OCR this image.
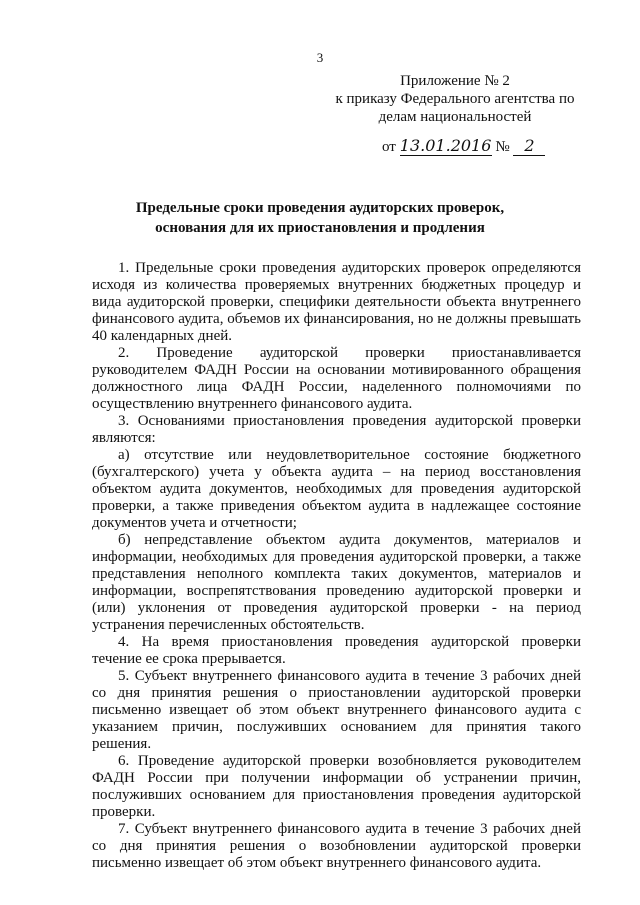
3
Приложение № 2
к приказу Федерального агентства по
делам национальностей
от 13.01.2016 № 2
Предельные сроки проведения аудиторских проверок,
основания для их приостановления и продления

1. Предельные сроки проведения аудиторских проверок определяются исходя из количества проверяемых внутренних бюджетных процедур и вида аудиторской проверки, специфики деятельности объекта внутреннего финансового аудита, объемов их финансирования, но не должны превышать 40 календарных дней.

2. Проведение аудиторской проверки приостанавливается руководителем ФАДН России на основании мотивированного обращения должностного лица ФАДН России, наделенного полномочиями по осуществлению внутреннего финансового аудита.

3. Основаниями приостановления проведения аудиторской проверки являются:

а) отсутствие или неудовлетворительное состояние бюджетного (бухгалтерского) учета у объекта аудита – на период восстановления объектом аудита документов, необходимых для проведения аудиторской проверки, а также приведения объектом аудита в надлежащее состояние документов учета и отчетности;

б) непредставление объектом аудита документов, материалов и информации, необходимых для проведения аудиторской проверки, а также представления неполного комплекта таких документов, материалов и информации, воспрепятствования проведению аудиторской проверки и (или) уклонения от проведения аудиторской проверки - на период устранения перечисленных обстоятельств.

4. На время приостановления проведения аудиторской проверки течение ее срока прерывается.

5. Субъект внутреннего финансового аудита в течение 3 рабочих дней со дня принятия решения о приостановлении аудиторской проверки письменно извещает об этом объект внутреннего финансового аудита с указанием причин, послуживших основанием для принятия такого решения.

6. Проведение аудиторской проверки возобновляется руководителем ФАДН России при получении информации об устранении причин, послуживших основанием для приостановления проведения аудиторской проверки.

7. Субъект внутреннего финансового аудита в течение 3 рабочих дней со дня принятия решения о возобновлении аудиторской проверки письменно извещает об этом объект внутреннего финансового аудита.
